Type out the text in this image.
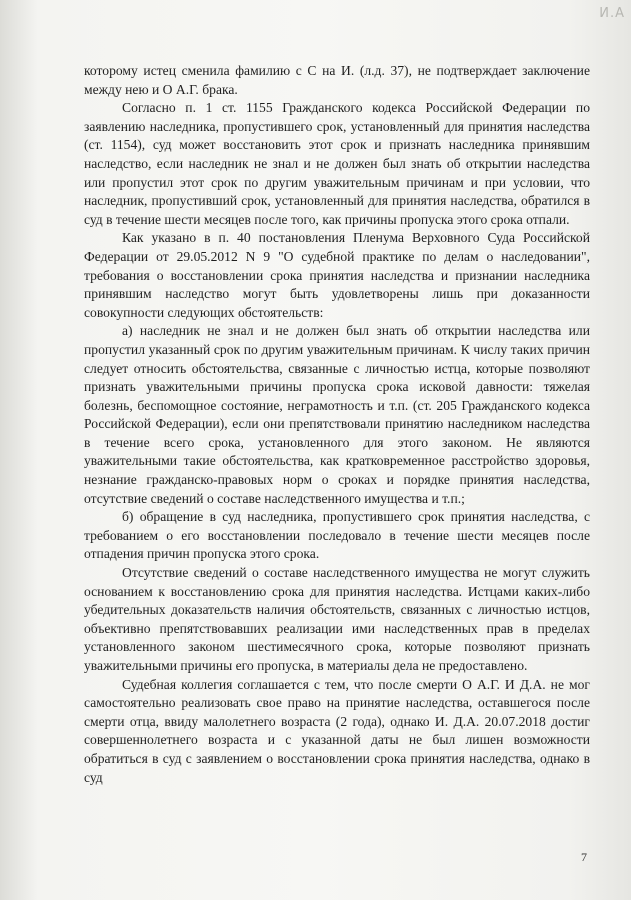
И.А

которому истец сменила фамилию с С на И. (л.д. 37), не подтверждает заключение между нею и О А.Г. брака.

Согласно п. 1 ст. 1155 Гражданского кодекса Российской Федерации по заявлению наследника, пропустившего срок, установленный для принятия наследства (ст. 1154), суд может восстановить этот срок и признать наследника принявшим наследство, если наследник не знал и не должен был знать об открытии наследства или пропустил этот срок по другим уважительным причинам и при условии, что наследник, пропустивший срок, установленный для принятия наследства, обратился в суд в течение шести месяцев после того, как причины пропуска этого срока отпали.

Как указано в п. 40 постановления Пленума Верховного Суда Российской Федерации от 29.05.2012 N 9 "О судебной практике по делам о наследовании", требования о восстановлении срока принятия наследства и признании наследника принявшим наследство могут быть удовлетворены лишь при доказанности совокупности следующих обстоятельств:

а) наследник не знал и не должен был знать об открытии наследства или пропустил указанный срок по другим уважительным причинам. К числу таких причин следует относить обстоятельства, связанные с личностью истца, которые позволяют признать уважительными причины пропуска срока исковой давности: тяжелая болезнь, беспомощное состояние, неграмотность и т.п. (ст. 205 Гражданского кодекса Российской Федерации), если они препятствовали принятию наследником наследства в течение всего срока, установленного для этого законом. Не являются уважительными такие обстоятельства, как кратковременное расстройство здоровья, незнание гражданско-правовых норм о сроках и порядке принятия наследства, отсутствие сведений о составе наследственного имущества и т.п.;

б) обращение в суд наследника, пропустившего срок принятия наследства, с требованием о его восстановлении последовало в течение шести месяцев после отпадения причин пропуска этого срока.

Отсутствие сведений о составе наследственного имущества не могут служить основанием к восстановлению срока для принятия наследства. Истцами каких-либо убедительных доказательств наличия обстоятельств, связанных с личностью истцов, объективно препятствовавших реализации ими наследственных прав в пределах установленного законом шестимесячного срока, которые позволяют признать уважительными причины его пропуска, в материалы дела не предоставлено.

Судебная коллегия соглашается с тем, что после смерти О А.Г. И Д.А. не мог самостоятельно реализовать свое право на принятие наследства, оставшегося после смерти отца, ввиду малолетнего возраста (2 года), однако И. Д.А. 20.07.2018 достиг совершеннолетнего возраста и с указанной даты не был лишен возможности обратиться в суд с заявлением о восстановлении срока принятия наследства, однако в суд

7
